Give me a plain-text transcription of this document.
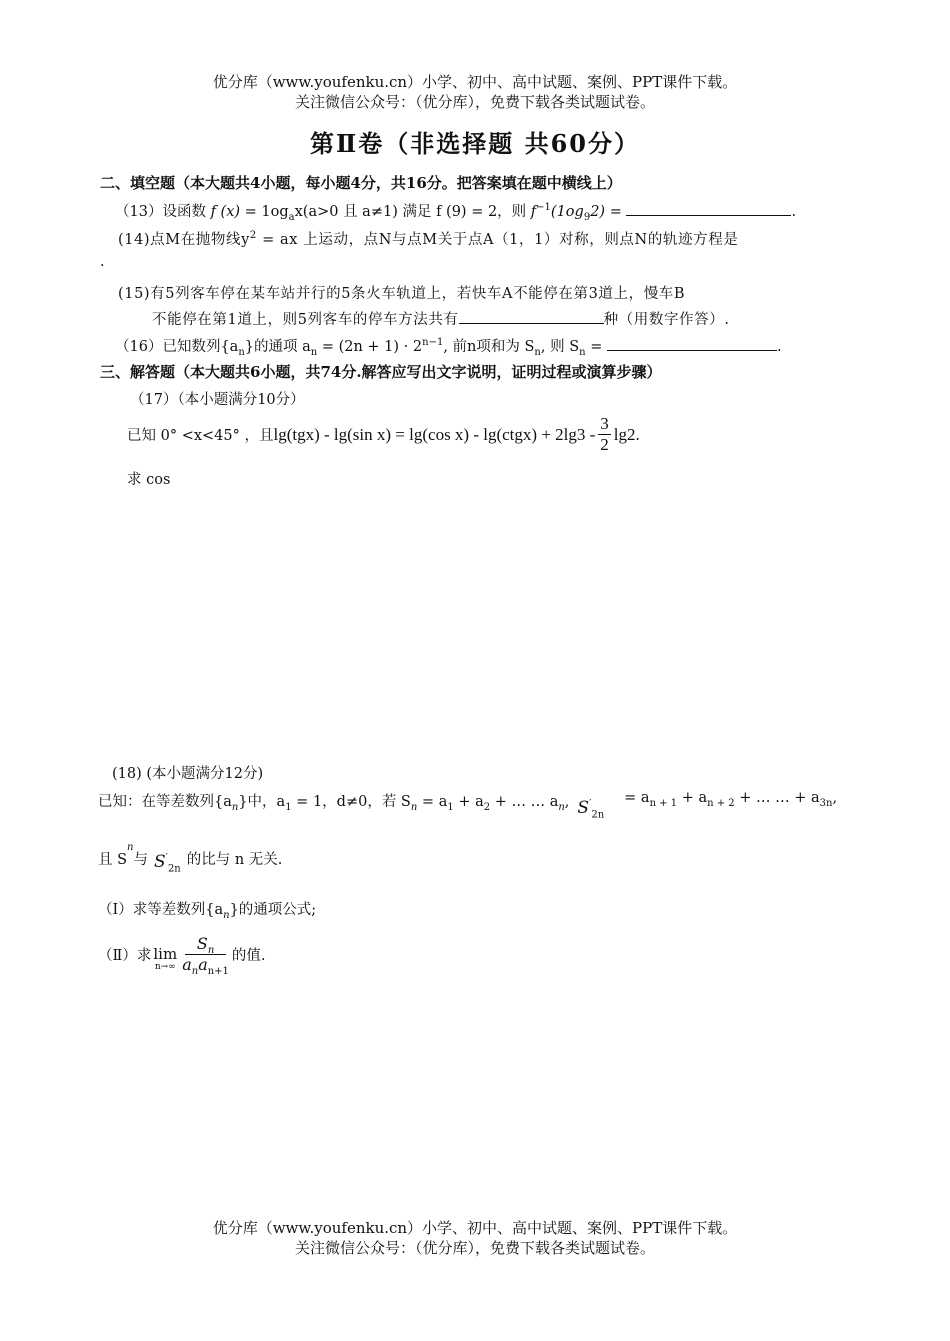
优分库（www.youfenku.cn）小学、初中、高中试题、案例、PPT课件下载。
关注微信公众号：（优分库），免费下载各类试题试卷。
第Ⅱ卷（非选择题 共60分）
二、填空题（本大题共4小题，每小题4分，共16分。把答案填在题中横线上）
（13）设函数 f $(x) = 1og_ax(a>0$ 且 a≠1) 满足 f (9) = 2，则 $f^{-1}(1og_92)$ =	.
(14)点M在抛物线$y^2$ = ax 上运动，点N与点M关于点A（1，1）对称，则点N的轨迹方程是
.
(15)有5列客车停在某车站并行的5条火车轨道上，若快车A不能停在第3道上，慢车B
不能停在第1道上，则5列客车的停车方法共有	种（用数字作答）.
（16）已知数列$\{a_n\}$的通项 $a_n = (2n + 1) \cdot 2^{n-1}$, 前n项和为 $S_n$, 则 $S_n$ =	.
三、解答题（本大题共6小题，共74分.解答应写出文字说明，证明过程或演算步骤）
（17）（本小题满分10分）
已知 0° <x<45° ，且 lg(tgx) - lg(sin x) = lg(cos x) - lg(ctgx) + $2\lg 3 - \frac{3}{2} \lg 2$.
求 cos
(18) (本小题满分12分)
已知：在等差数列$\{a_n\}$中，$a_1 = 1$，d≠0，若 $S_n = a_1 + a_2$ + … … $a_n$, $S'_{2n}$
= $a_{n + 1} + a_{n + 2}$ + … … + $a_{3n}$,
且 S
n
与 $S'_{2n}$
的比与 n 无关.
（Ⅰ）求等差数列$\{a_n\}$的通项公式;
（Ⅱ）求 lim
$n\to\infty \frac{S_n}{a_na_{n+1}}$ 的值.
优分库（www.youfenku.cn）小学、初中、高中试题、案例、PPT课件下载。
关注微信公众号：（优分库），免费下载各类试题试卷。
